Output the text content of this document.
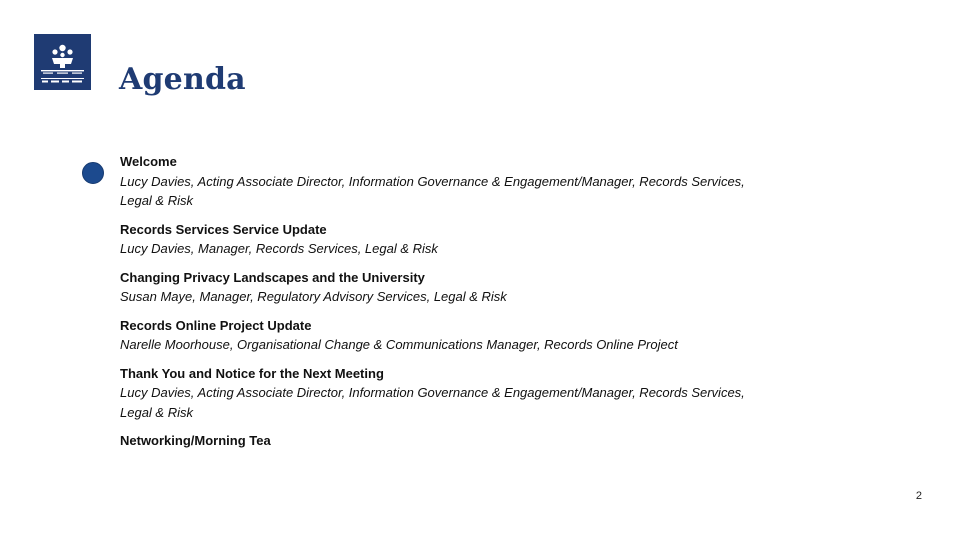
Agenda
Welcome
Lucy Davies, Acting Associate Director, Information Governance & Engagement/Manager, Records Services, Legal & Risk
Records Services Service Update
Lucy Davies, Manager, Records Services, Legal & Risk
Changing Privacy Landscapes and the University
Susan Maye, Manager, Regulatory Advisory Services, Legal & Risk
Records Online Project Update
Narelle Moorhouse, Organisational Change & Communications Manager, Records Online Project
Thank You and Notice for the Next Meeting
Lucy Davies, Acting Associate Director, Information Governance & Engagement/Manager, Records Services, Legal & Risk
Networking/Morning Tea
2
